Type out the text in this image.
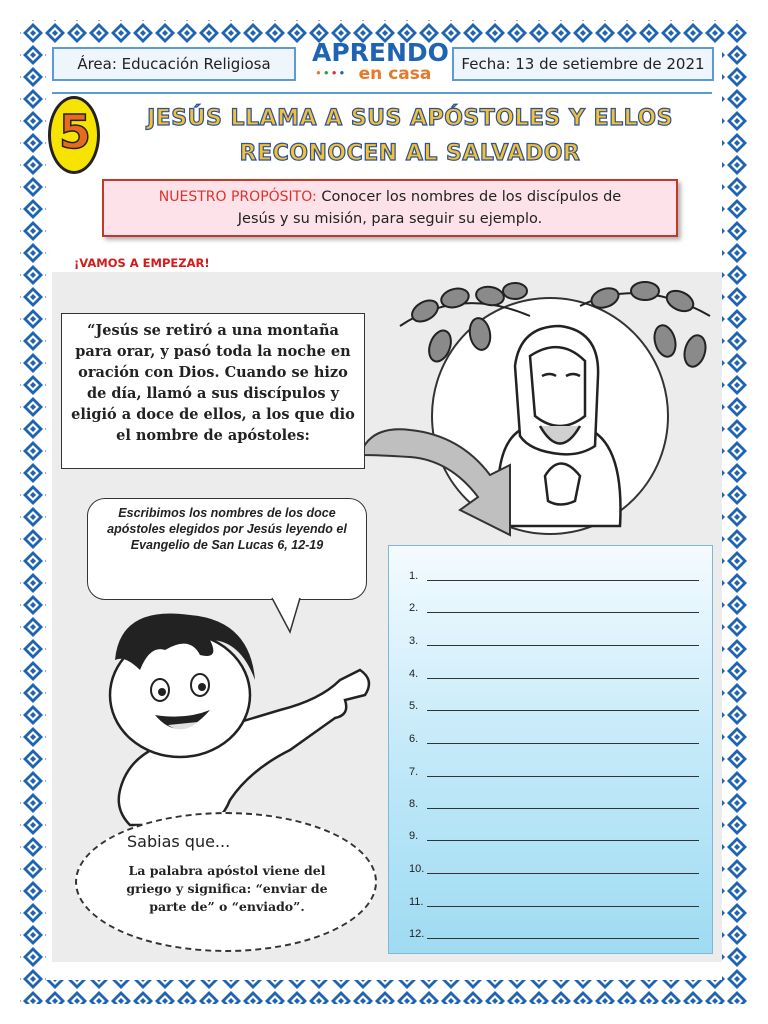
Área: Educación Religiosa APRENDO
●●●● en casa	Fecha: 13 de setiembre de 2021
5	JESÚS LLAMA A SUS APÓSTOLES Y ELLOS
RECONOCEN AL SALVADOR
NUESTRO PROPÓSITO: Conocer los nombres de los discípulos de
Jesús y su misión, para seguir su ejemplo.
¡VAMOS A EMPEZAR!
“Jesús se retiró a una montaña para orar, y pasó toda la noche en oración con Dios. Cuando se hizo de día, llamó a sus discípulos y eligió a doce de ellos, a los que dio el nombre de apóstoles:
Escribimos los nombres de los doce apóstoles elegidos por Jesús leyendo el Evangelio de San Lucas 6, 12-19
Sabias que...
La palabra apóstol viene del griego y significa: “enviar de parte de” o “enviado”.
1.
2.
3.
4.
5.
6.
7.
8.
9.
10.
11.
12.
